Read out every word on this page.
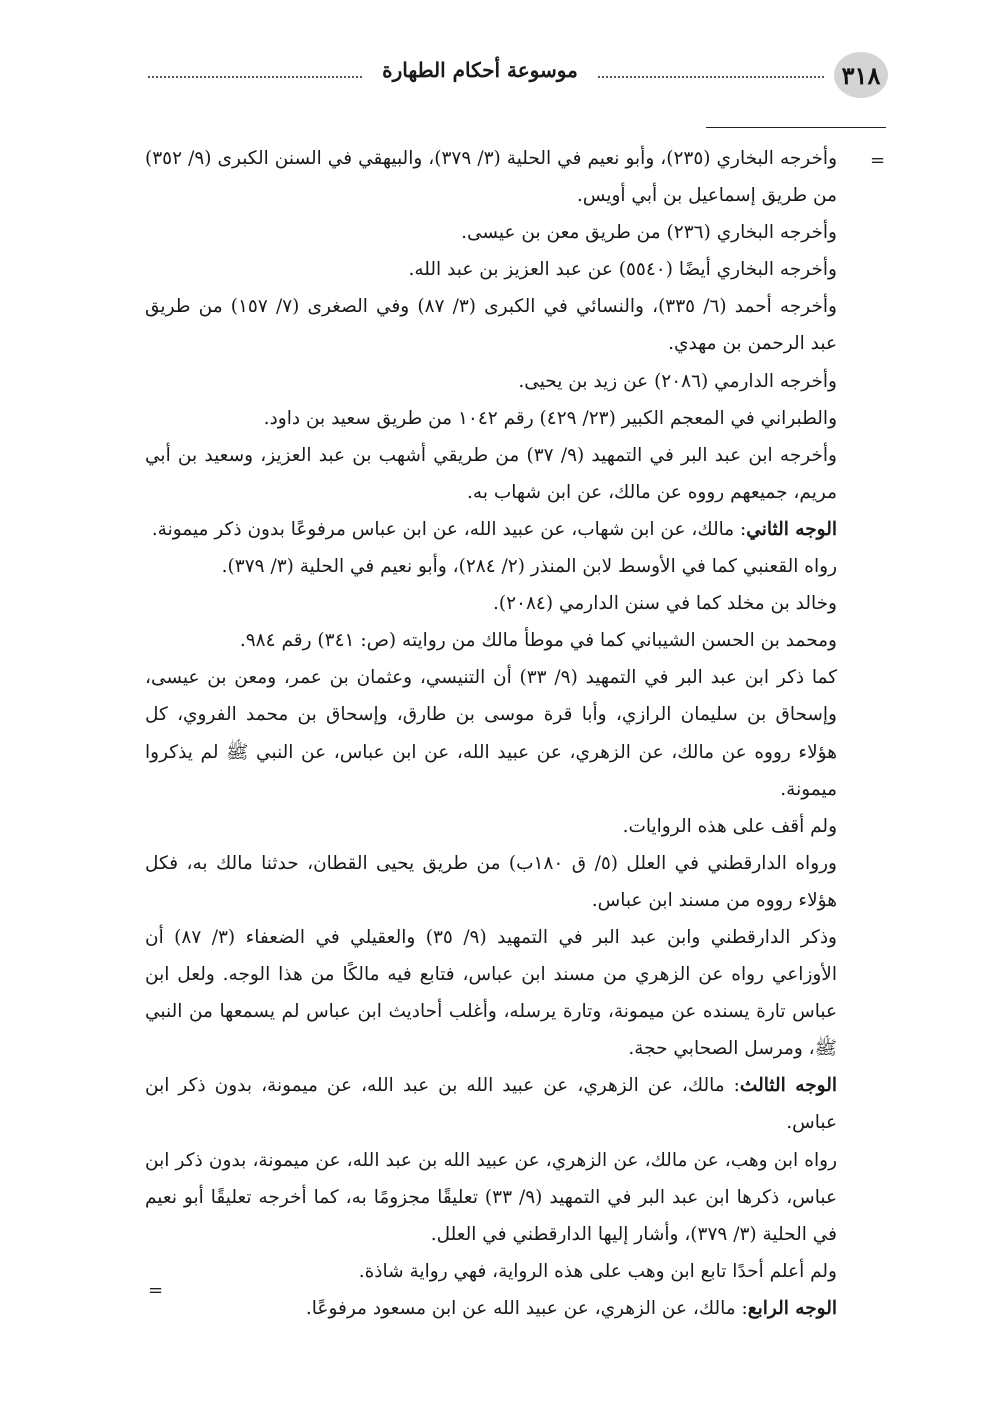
موسوعة أحكام الطهارة	٣١٨
=
=

وأخرجه البخاري (٢٣٥)، وأبو نعيم في الحلية (٣/ ٣٧٩)، والبيهقي في السنن الكبرى (٩/ ٣٥٢) من طريق إسماعيل بن أبي أويس.

وأخرجه البخاري (٢٣٦) من طريق معن بن عيسى.

وأخرجه البخاري أيضًا (٥٥٤٠) عن عبد العزيز بن عبد الله.

وأخرجه أحمد (٦/ ٣٣٥)، والنسائي في الكبرى (٣/ ٨٧) وفي الصغرى (٧/ ١٥٧) من طريق عبد الرحمن بن مهدي.

وأخرجه الدارمي (٢٠٨٦) عن زيد بن يحيى.

والطبراني في المعجم الكبير (٢٣/ ٤٢٩) رقم ١٠٤٢ من طريق سعيد بن داود.

وأخرجه ابن عبد البر في التمهيد (٩/ ٣٧) من طريقي أشهب بن عبد العزيز، وسعيد بن أبي مريم، جميعهم رووه عن مالك، عن ابن شهاب به.

الوجه الثاني: مالك، عن ابن شهاب، عن عبيد الله، عن ابن عباس مرفوعًا بدون ذكر ميمونة.

رواه القعنبي كما في الأوسط لابن المنذر (٢/ ٢٨٤)، وأبو نعيم في الحلية (٣/ ٣٧٩).

وخالد بن مخلد كما في سنن الدارمي (٢٠٨٤).

ومحمد بن الحسن الشيباني كما في موطأ مالك من روايته (ص: ٣٤١) رقم ٩٨٤.

كما ذكر ابن عبد البر في التمهيد (٩/ ٣٣) أن التنيسي، وعثمان بن عمر، ومعن بن عيسى، وإسحاق بن سليمان الرازي، وأبا قرة موسى بن طارق، وإسحاق بن محمد الفروي، كل هؤلاء رووه عن مالك، عن الزهري، عن عبيد الله، عن ابن عباس، عن النبي ﷺ لم يذكروا ميمونة.

ولم أقف على هذه الروايات.

ورواه الدارقطني في العلل (٥/ ق ١٨٠ب) من طريق يحيى القطان، حدثنا مالك به، فكل هؤلاء رووه من مسند ابن عباس.

وذكر الدارقطني وابن عبد البر في التمهيد (٩/ ٣٥) والعقيلي في الضعفاء (٣/ ٨٧) أن الأوزاعي رواه عن الزهري من مسند ابن عباس، فتابع فيه مالكًا من هذا الوجه. ولعل ابن عباس تارة يسنده عن ميمونة، وتارة يرسله، وأغلب أحاديث ابن عباس لم يسمعها من النبي ﷺ، ومرسل الصحابي حجة.

الوجه الثالث: مالك، عن الزهري، عن عبيد الله بن عبد الله، عن ميمونة، بدون ذكر ابن عباس.

رواه ابن وهب، عن مالك، عن الزهري، عن عبيد الله بن عبد الله، عن ميمونة، بدون ذكر ابن عباس، ذكرها ابن عبد البر في التمهيد (٩/ ٣٣) تعليقًا مجزومًا به، كما أخرجه تعليقًا أبو نعيم في الحلية (٣/ ٣٧٩)، وأشار إليها الدارقطني في العلل.

ولم أعلم أحدًا تابع ابن وهب على هذه الرواية، فهي رواية شاذة.

الوجه الرابع: مالك، عن الزهري، عن عبيد الله عن ابن مسعود مرفوعًا.
